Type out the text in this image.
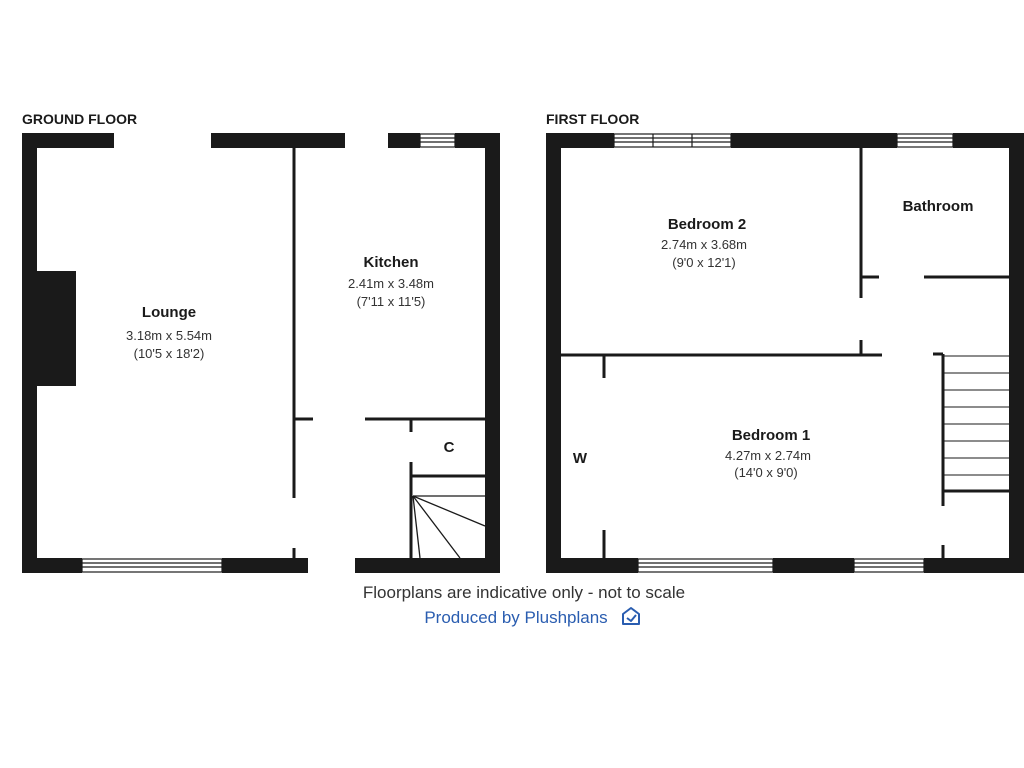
GROUND FLOOR
Lounge
3.18m x 5.54m
(10'5 x 18'2)
Kitchen
2.41m x 3.48m
(7'11 x 11'5)
C
FIRST FLOOR
Bedroom 2
2.74m x 3.68m
(9'0 x 12'1)
Bathroom
Bedroom 1
4.27m x 2.74m
(14'0 x 9'0)
W
Floorplans are indicative only - not to scale
Produced by Plushplans
